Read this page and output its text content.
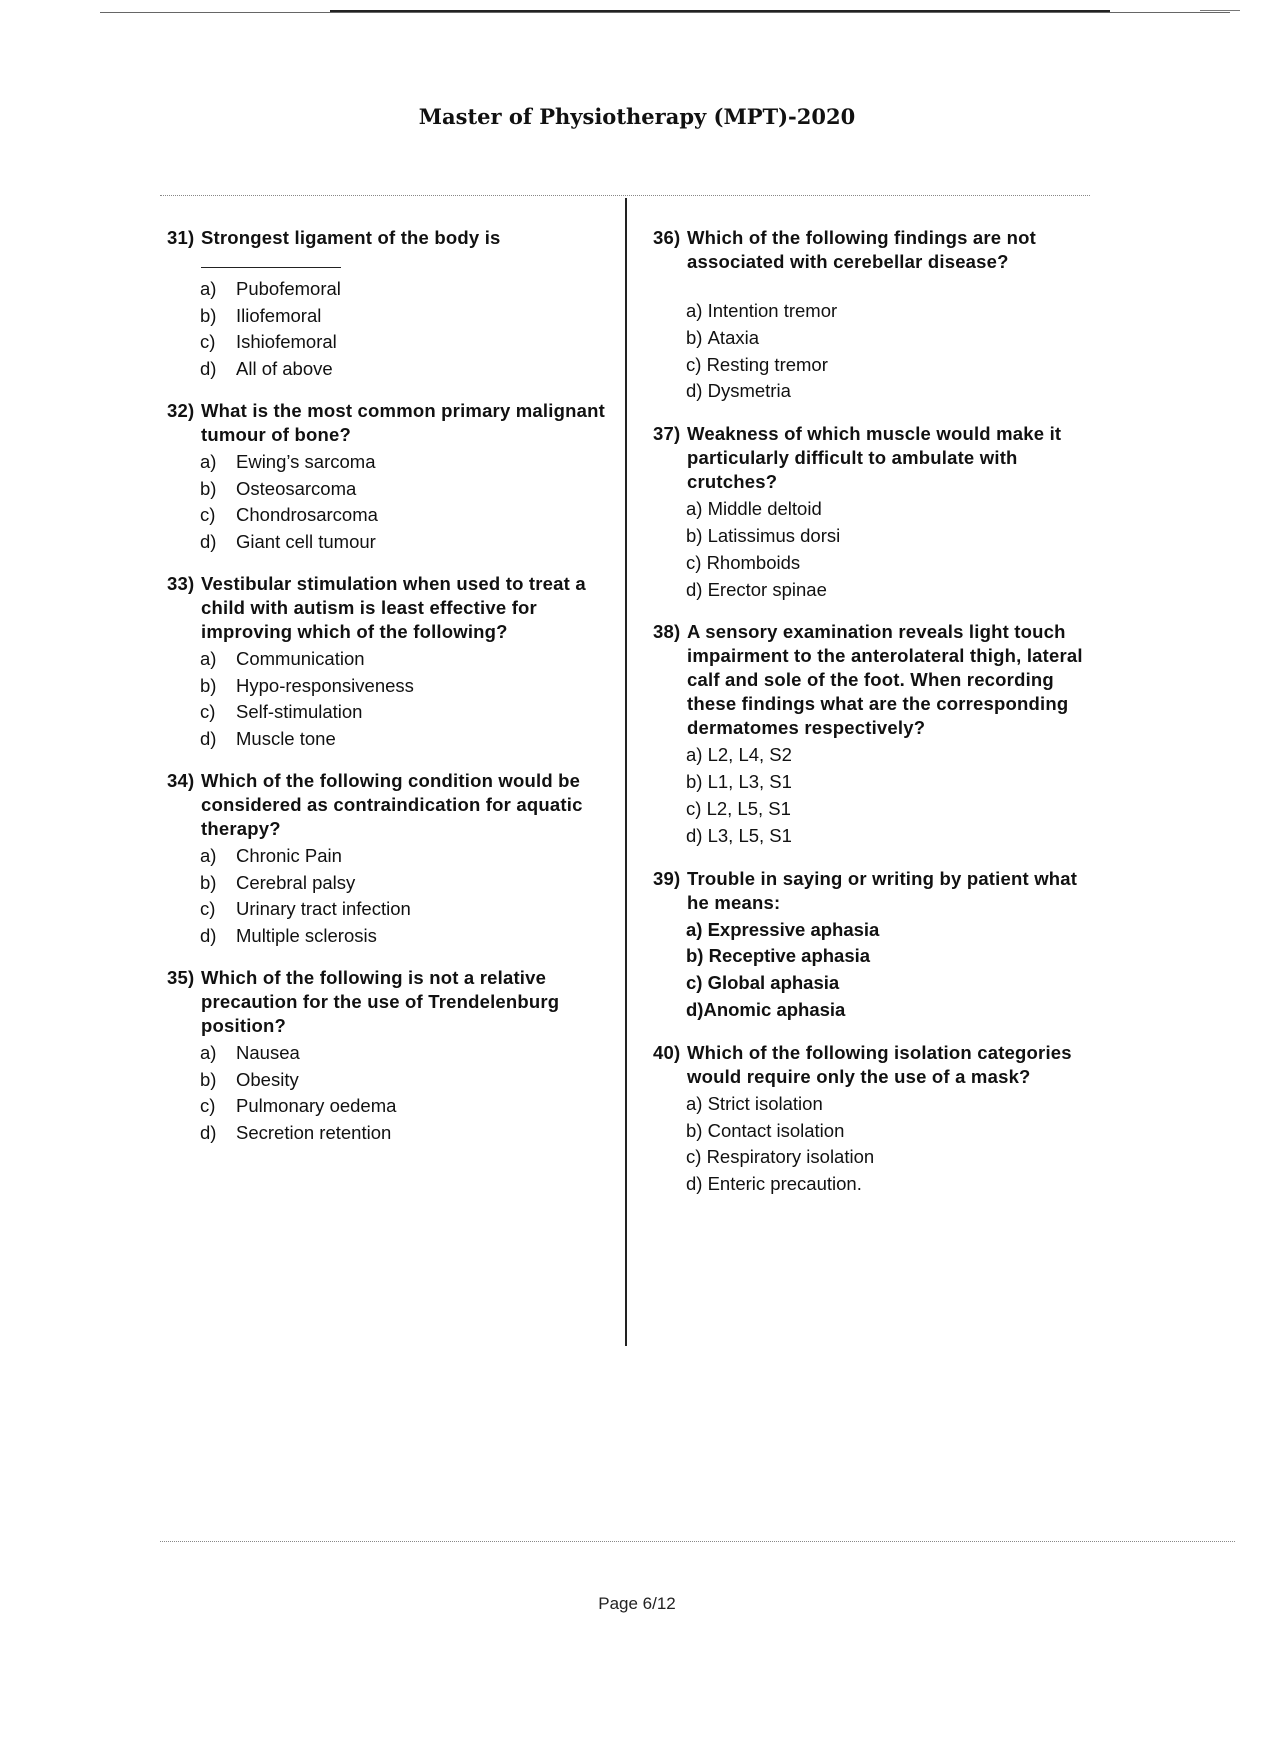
Master of Physiotherapy (MPT)-2020
31) Strongest ligament of the body is
a)	Pubofemoral
b)	Iliofemoral
c)	Ishiofemoral
d)	All of above
32) What is the most common primary malignant tumour of bone?
a)	Ewing’s sarcoma
b)	Osteosarcoma
c)	Chondrosarcoma
d)	Giant cell tumour
33) Vestibular stimulation when used to treat a child with autism is least effective for improving which of the following?
a)	Communication
b)	Hypo-responsiveness
c)	Self-stimulation
d)	Muscle tone
34) Which of the following condition would be considered as contraindication for aquatic therapy?
a)	Chronic Pain
b)	Cerebral palsy
c)	Urinary tract infection
d)	Multiple sclerosis
35) Which of the following is not a relative precaution for the use of Trendelenburg position?
a)	Nausea
b)	Obesity
c)	Pulmonary oedema
d)	Secretion retention
36) Which of the following findings are not associated with cerebellar disease?
a) Intention tremor
b) Ataxia
c) Resting tremor
d) Dysmetria
37) Weakness of which muscle would make it particularly difficult to ambulate with crutches?
a) Middle deltoid
b) Latissimus dorsi
c) Rhomboids
d) Erector spinae
38) A sensory examination reveals light touch impairment to the anterolateral thigh, lateral calf and sole of the foot. When recording these findings what are the corresponding dermatomes respectively?
a) L2, L4, S2
b) L1, L3, S1
c) L2, L5, S1
d) L3, L5, S1
39) Trouble in saying or writing by patient what he means:
a) Expressive aphasia
b) Receptive aphasia
c) Global aphasia
d)Anomic aphasia
40) Which of the following isolation categories would require only the use of a mask?
a) Strict isolation
b) Contact isolation
c) Respiratory isolation
d) Enteric precaution.
Page 6/12
